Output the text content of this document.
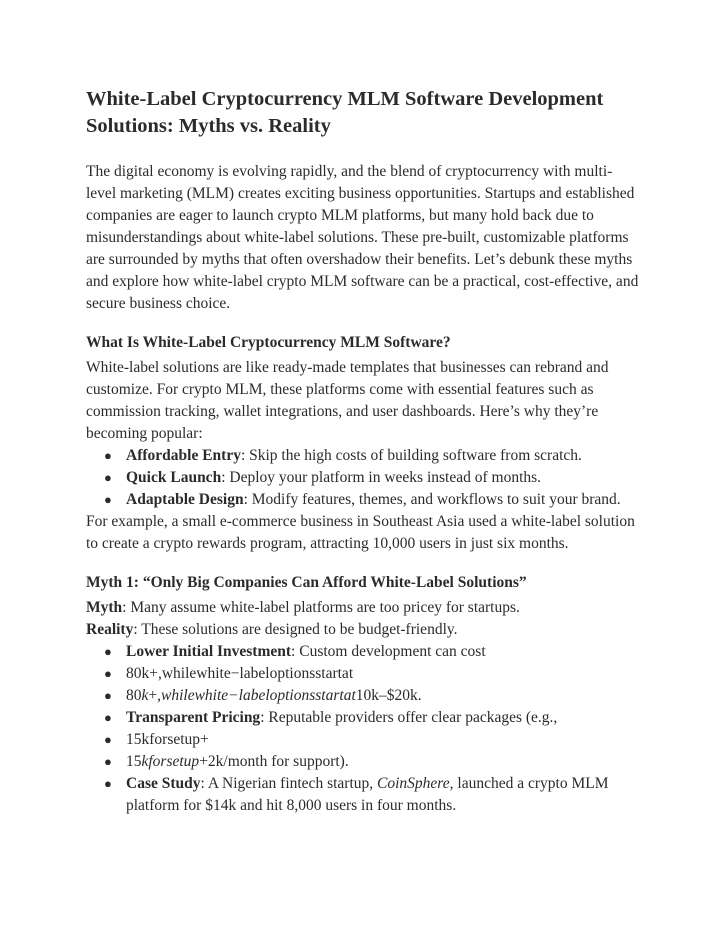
White-Label Cryptocurrency MLM Software Development Solutions: Myths vs. Reality

The digital economy is evolving rapidly, and the blend of cryptocurrency with multi-level marketing (MLM) creates exciting business opportunities. Startups and established companies are eager to launch crypto MLM platforms, but many hold back due to misunderstandings about white-label solutions. These pre-built, customizable platforms are surrounded by myths that often overshadow their benefits. Let’s debunk these myths and explore how white-label crypto MLM software can be a practical, cost-effective, and secure business choice.

What Is White-Label Cryptocurrency MLM Software?

White-label solutions are like ready-made templates that businesses can rebrand and customize. For crypto MLM, these platforms come with essential features such as commission tracking, wallet integrations, and user dashboards. Here’s why they’re becoming popular:

● Affordable Entry: Skip the high costs of building software from scratch.
● Quick Launch: Deploy your platform in weeks instead of months.
● Adaptable Design: Modify features, themes, and workflows to suit your brand.

For example, a small e-commerce business in Southeast Asia used a white-label solution to create a crypto rewards program, attracting 10,000 users in just six months.

Myth 1: “Only Big Companies Can Afford White-Label Solutions”

Myth: Many assume white-label platforms are too pricey for startups.

Reality: These solutions are designed to be budget-friendly.

● Lower Initial Investment: Custom development can cost
● 80k+,whilewhite−labeloptionsstartat
● 80k+,whilewhite−labeloptionsstartat10k–$20k.
● Transparent Pricing: Reputable providers offer clear packages (e.g.,
● 15kforsetup+
● 15kforsetup+2k/month for support).
● Case Study: A Nigerian fintech startup, CoinSphere, launched a crypto MLM platform for $14k and hit 8,000 users in four months.
